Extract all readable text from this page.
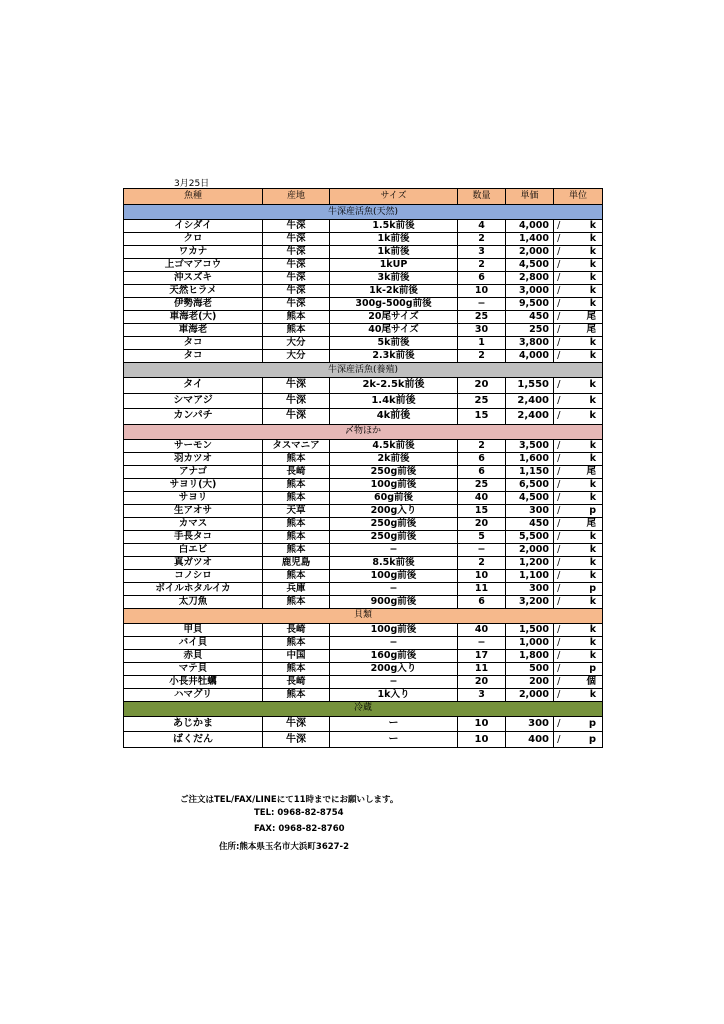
3月25日
魚種	産地	サイズ	数量	単価	単位	
牛深産活魚(天然)						
イシダイ	牛深	1.5k前後	4	4,000	/	k
クロ	牛深	1k前後	2	1,400	/	k
ワカナ	牛深	1k前後	3	2,000	/	k
上ゴマアコウ	牛深	1kUP	2	4,500	/	k
沖スズキ	牛深	3k前後	6	2,800	/	k
天然ヒラメ	牛深	1k-2k前後	10	3,000	/	k
伊勢海老	牛深	300g-500g前後	−	9,500	/	k
車海老(大)	熊本	20尾サイズ	25	450	/	尾
車海老	熊本	40尾サイズ	30	250	/	尾
タコ	大分	5k前後	1	3,800	/	k
タコ	大分	2.3k前後	2	4,000	/	k
牛深産活魚(養殖)						
タイ	牛深	2k-2.5k前後	20	1,550	/	k
シマアジ	牛深	1.4k前後	25	2,400	/	k
カンパチ	牛深	4k前後	15	2,400	/	k
〆物ほか						
サーモン	タスマニア	4.5k前後	2	3,500	/	k
羽カツオ	熊本	2k前後	6	1,600	/	k
アナゴ	長崎	250g前後	6	1,150	/	尾
サヨリ(大)	熊本	100g前後	25	6,500	/	k
サヨリ	熊本	60g前後	40	4,500	/	k
生アオサ	天草	200g入り	15	300	/	p
カマス	熊本	250g前後	20	450	/	尾
手長タコ	熊本	250g前後	5	5,500	/	k
白エビ	熊本	−	−	2,000	/	k
真ガツオ	鹿児島	8.5k前後	2	1,200	/	k
コノシロ	熊本	100g前後	10	1,100	/	k
ボイルホタルイカ	兵庫	−	11	300	/	p
太刀魚	熊本	900g前後	6	3,200	/	k
貝類						
甲貝	長崎	100g前後	40	1,500	/	k
バイ貝	熊本	−	−	1,000	/	k
赤貝	中国	160g前後	17	1,800	/	k
マテ貝	熊本	200g入り	11	500	/	p
小長井牡蠣	長崎	−	20	200	/	個
ハマグリ	熊本	1k入り	3	2,000	/	k
冷蔵						
あじかま	牛深	ー	10	300	/	p
ばくだん	牛深	ー	10	400	/	p
ご注文はTEL/FAX/LINEにて11時までにお願いします。
TEL: 0968-82-8754
FAX: 0968-82-8760
住所:熊本県玉名市大浜町3627-2
